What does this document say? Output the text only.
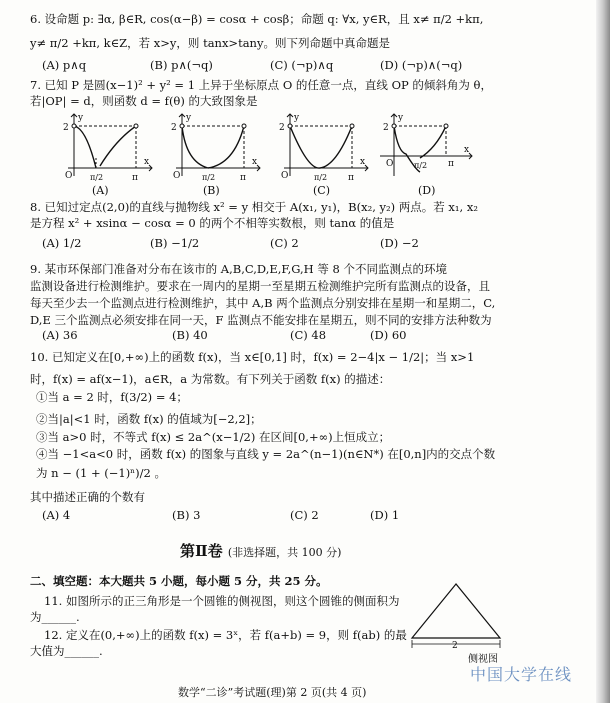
6. 设命题 p: ∃α, β∈R, cos(α−β) = cosα + cosβ；命题 q: ∀x, y∈R，且 x≠ π/2 +kπ,
y≠ π/2 +kπ, k∈Z，若 x>y，则 tanx>tany。则下列命题中真命题是
(A) p∧q	(B) p∧(¬q)	(C) (¬p)∧q	(D) (¬p)∧(¬q)
7. 已知 P 是圆(x−1)² + y² = 1 上异于坐标原点 O 的任意一点，直线 OP 的倾斜角为 θ，
若|OP| = d，则函数 d = f(θ) 的大致图象是
2
O π/2	π
x
y
(A)
2
O	π/2	π
x
y
(B)
2
O	π/2 π
x
y
(C)
2
O	π/2 π
x
y
(D)
8. 已知过定点(2,0)的直线与抛物线 x² = y 相交于 A(x₁, y₁)，B(x₂, y₂) 两点。若 x₁, x₂
是方程 x² + xsinα − cosα = 0 的两个不相等实数根，则 tanα 的值是
(A) 1/2	(B) −1/2	(C) 2	(D) −2
9. 某市环保部门准备对分布在该市的 A,B,C,D,E,F,G,H 等 8 个不同监测点的环境
监测设备进行检测维护。要求在一周内的星期一至星期五检测维护完所有监测点的设备，且
每天至少去一个监测点进行检测维护，其中 A,B 两个监测点分别安排在星期一和星期二，C,
D,E 三个监测点必须安排在同一天，F 监测点不能安排在星期五，则不同的安排方法种数为
(A) 36	(B) 40	(C) 48	(D) 60
10. 已知定义在[0,+∞)上的函数 f(x)，当 x∈[0,1] 时，f(x) = 2−4|x − 1/2|；当 x>1
时，f(x) = af(x−1)，a∈R，a 为常数。有下列关于函数 f(x) 的描述：
①当 a = 2 时，f(3/2) = 4；
②当|a|<1 时，函数 f(x) 的值域为[−2,2]；
③当 a>0 时，不等式 f(x) ≤ 2a^(x−1/2) 在区间[0,+∞)上恒成立；
④当 −1<a<0 时，函数 f(x) 的图象与直线 y = 2a^(n−1)(n∈N*) 在[0,n]内的交点个数
为 n − (1 + (−1)ⁿ)/2 。
其中描述正确的个数有
(A) 4	(B) 3	(C) 2	(D) 1
第Ⅱ卷 (非选择题，共 100 分)
二、填空题：本大题共 5 小题，每小题 5 分，共 25 分。
11. 如图所示的正三角形是一个圆锥的侧视图，则这个圆锥的侧面积为
为______.
12. 定义在(0,+∞)上的函数 f(x) = 3ˣ，若 f(a+b) = 9，则 f(ab) 的最
大值为______.	2
侧视图
中国大学在线
数学“二诊”考试题(理)第 2 页(共 4 页)
